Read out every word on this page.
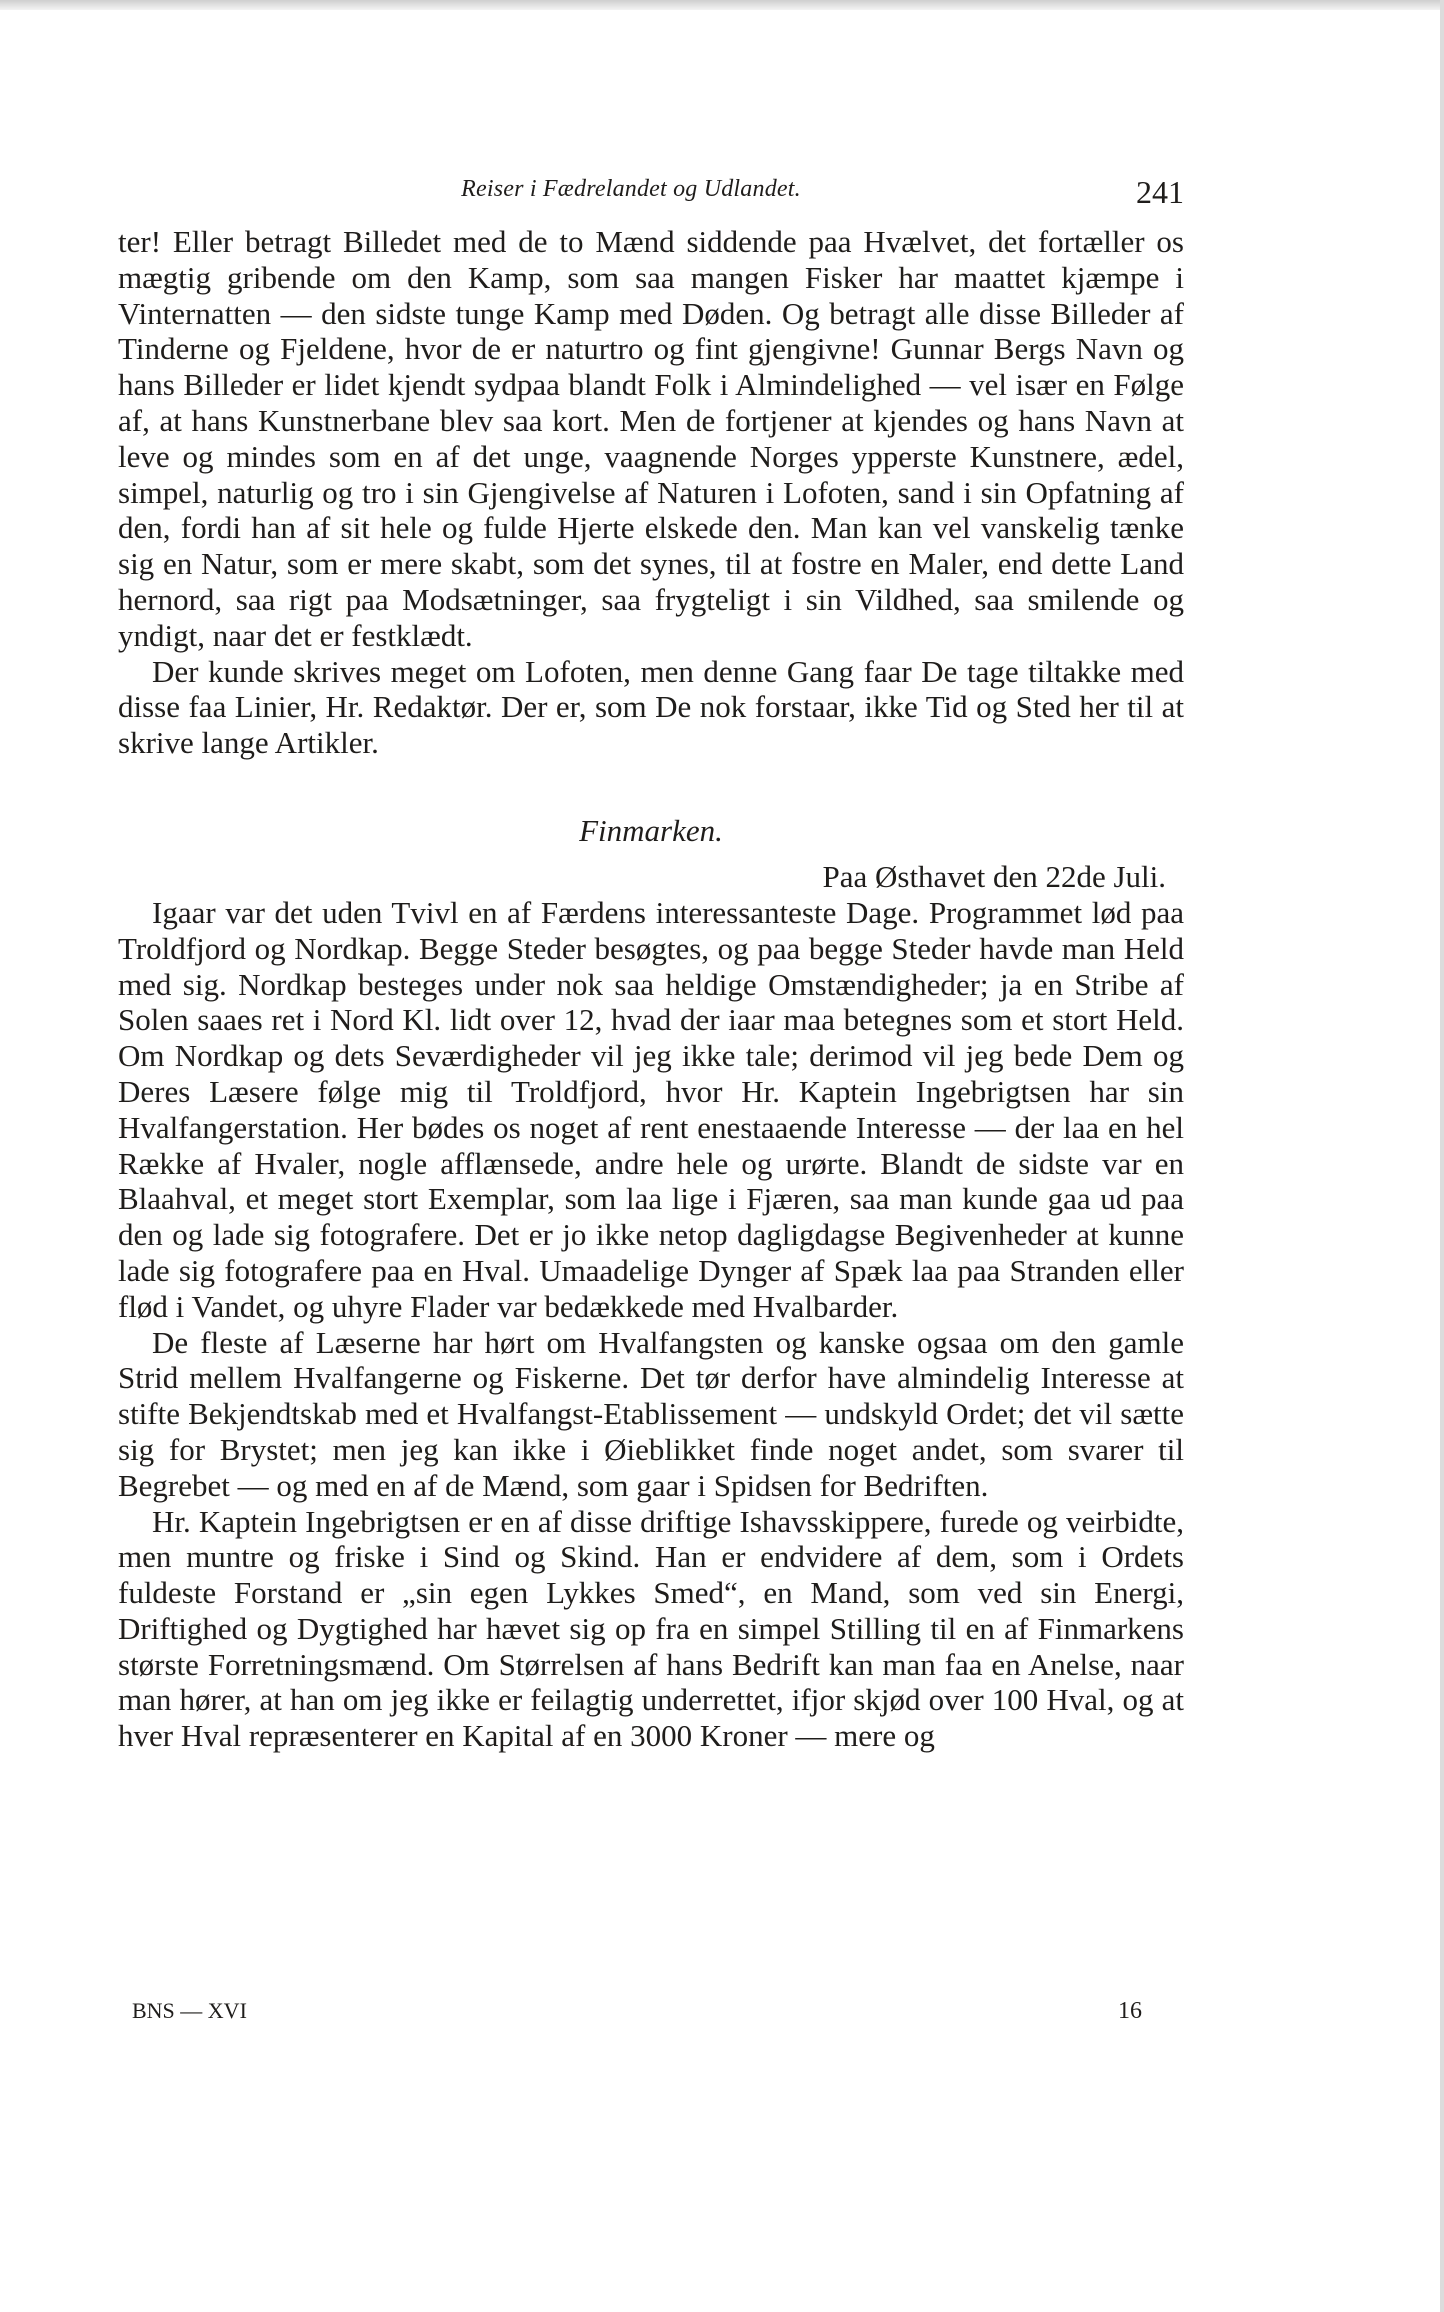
Reiser i Fædrelandet og Udlandet.	241

ter! Eller betragt Billedet med de to Mænd siddende paa Hvælvet, det fortæller os mægtig gribende om den Kamp, som saa mangen Fisker har maattet kjæmpe i Vinternatten — den sidste tunge Kamp med Døden. Og betragt alle disse Billeder af Tinderne og Fjeldene, hvor de er naturtro og fint gjengivne! Gunnar Bergs Navn og hans Billeder er lidet kjendt sydpaa blandt Folk i Almindelighed — vel især en Følge af, at hans Kunstnerbane blev saa kort. Men de fortjener at kjendes og hans Navn at leve og mindes som en af det unge, vaagnende Norges ypperste Kunstnere, ædel, simpel, naturlig og tro i sin Gjengivelse af Naturen i Lofoten, sand i sin Opfatning af den, fordi han af sit hele og fulde Hjerte elskede den. Man kan vel vanskelig tænke sig en Natur, som er mere skabt, som det synes, til at fostre en Maler, end dette Land hernord, saa rigt paa Modsætninger, saa frygteligt i sin Vildhed, saa smilende og yndigt, naar det er festklædt.

Der kunde skrives meget om Lofoten, men denne Gang faar De tage tiltakke med disse faa Linier, Hr. Redaktør. Der er, som De nok forstaar, ikke Tid og Sted her til at skrive lange Artikler.

Finmarken.

Paa Østhavet den 22de Juli.

Igaar var det uden Tvivl en af Færdens interessanteste Dage. Programmet lød paa Troldfjord og Nordkap. Begge Steder besøgtes, og paa begge Steder havde man Held med sig. Nordkap besteges under nok saa heldige Omstændigheder; ja en Stribe af Solen saaes ret i Nord Kl. lidt over 12, hvad der iaar maa betegnes som et stort Held. Om Nordkap og dets Seværdigheder vil jeg ikke tale; derimod vil jeg bede Dem og Deres Læsere følge mig til Troldfjord, hvor Hr. Kaptein Ingebrigtsen har sin Hvalfangerstation. Her bødes os noget af rent enestaaende Interesse — der laa en hel Række af Hvaler, nogle afflænsede, andre hele og urørte. Blandt de sidste var en Blaahval, et meget stort Exemplar, som laa lige i Fjæren, saa man kunde gaa ud paa den og lade sig fotografere. Det er jo ikke netop dagligdagse Begivenheder at kunne lade sig fotografere paa en Hval. Umaadelige Dynger af Spæk laa paa Stranden eller flød i Vandet, og uhyre Flader var bedækkede med Hvalbarder.

De fleste af Læserne har hørt om Hvalfangsten og kanske ogsaa om den gamle Strid mellem Hvalfangerne og Fiskerne. Det tør derfor have almindelig Interesse at stifte Bekjendtskab med et Hvalfangst-Etablissement — undskyld Ordet; det vil sætte sig for Brystet; men jeg kan ikke i Øieblikket finde noget andet, som svarer til Begrebet — og med en af de Mænd, som gaar i Spidsen for Bedriften.

Hr. Kaptein Ingebrigtsen er en af disse driftige Ishavsskippere, furede og veirbidte, men muntre og friske i Sind og Skind. Han er endvidere af dem, som i Ordets fuldeste Forstand er „sin egen Lykkes Smed“, en Mand, som ved sin Energi, Driftighed og Dygtighed har hævet sig op fra en simpel Stilling til en af Finmarkens største Forretningsmænd. Om Størrelsen af hans Bedrift kan man faa en Anelse, naar man hører, at han om jeg ikke er feilagtig underrettet, ifjor skjød over 100 Hval, og at hver Hval repræsenterer en Kapital af en 3000 Kroner — mere og

BNS — XVI	16
